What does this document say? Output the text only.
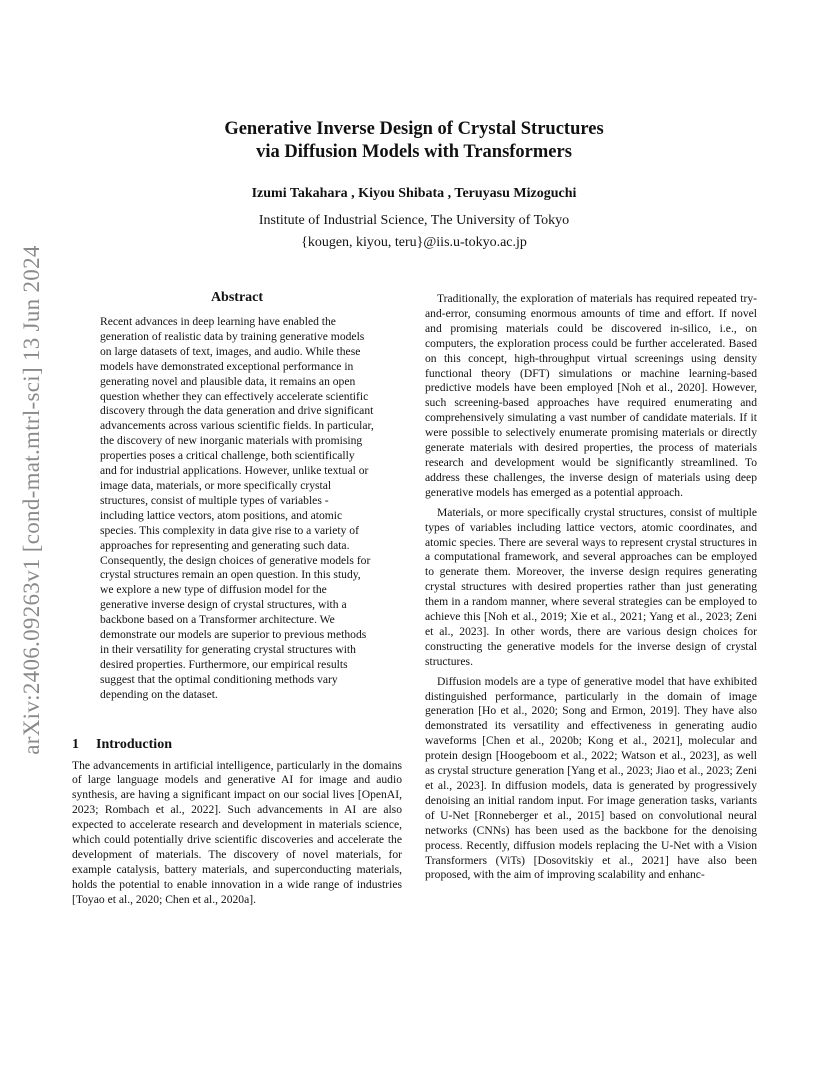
arXiv:2406.09263v1 [cond-mat.mtrl-sci] 13 Jun 2024
Generative Inverse Design of Crystal Structures
via Diffusion Models with Transformers
Izumi Takahara , Kiyou Shibata , Teruyasu Mizoguchi
Institute of Industrial Science, The University of Tokyo
{kougen, kiyou, teru}@iis.u-tokyo.ac.jp
Abstract

Recent advances in deep learning have enabled the generation of realistic data by training generative models on large datasets of text, images, and audio. While these models have demonstrated exceptional performance in generating novel and plausible data, it remains an open question whether they can effectively accelerate scientific discovery through the data generation and drive significant advancements across various scientific fields. In particular, the discovery of new inorganic materials with promising properties poses a critical challenge, both scientifically and for industrial applications. However, unlike textual or image data, materials, or more specifically crystal structures, consist of multiple types of variables - including lattice vectors, atom positions, and atomic species. This complexity in data give rise to a variety of approaches for representing and generating such data. Consequently, the design choices of generative models for crystal structures remain an open question. In this study, we explore a new type of diffusion model for the generative inverse design of crystal structures, with a backbone based on a Transformer architecture. We demonstrate our models are superior to previous methods in their versatility for generating crystal structures with desired properties. Furthermore, our empirical results suggest that the optimal conditioning methods vary depending on the dataset.

1 Introduction

The advancements in artificial intelligence, particularly in the domains of large language models and generative AI for image and audio synthesis, are having a significant impact on our social lives [OpenAI, 2023; Rombach et al., 2022]. Such advancements in AI are also expected to accelerate research and development in materials science, which could potentially drive scientific discoveries and accelerate the development of materials. The discovery of novel materials, for example catalysis, battery materials, and superconducting materials, holds the potential to enable innovation in a wide range of industries [Toyao et al., 2020; Chen et al., 2020a].

Traditionally, the exploration of materials has required repeated try-and-error, consuming enormous amounts of time and effort. If novel and promising materials could be discovered in-silico, i.e., on computers, the exploration process could be further accelerated. Based on this concept, high-throughput virtual screenings using density functional theory (DFT) simulations or machine learning-based predictive models have been employed [Noh et al., 2020]. However, such screening-based approaches have required enumerating and comprehensively simulating a vast number of candidate materials. If it were possible to selectively enumerate promising materials or directly generate materials with desired properties, the process of materials research and development would be significantly streamlined. To address these challenges, the inverse design of materials using deep generative models has emerged as a potential approach.

Materials, or more specifically crystal structures, consist of multiple types of variables including lattice vectors, atomic coordinates, and atomic species. There are several ways to represent crystal structures in a computational framework, and several approaches can be employed to generate them. Moreover, the inverse design requires generating crystal structures with desired properties rather than just generating them in a random manner, where several strategies can be employed to achieve this [Noh et al., 2019; Xie et al., 2021; Yang et al., 2023; Zeni et al., 2023]. In other words, there are various design choices for constructing the generative models for the inverse design of crystal structures.

Diffusion models are a type of generative model that have exhibited distinguished performance, particularly in the domain of image generation [Ho et al., 2020; Song and Ermon, 2019]. They have also demonstrated its versatility and effectiveness in generating audio waveforms [Chen et al., 2020b; Kong et al., 2021], molecular and protein design [Hoogeboom et al., 2022; Watson et al., 2023], as well as crystal structure generation [Yang et al., 2023; Jiao et al., 2023; Zeni et al., 2023]. In diffusion models, data is generated by progressively denoising an initial random input. For image generation tasks, variants of U-Net [Ronneberger et al., 2015] based on convolutional neural networks (CNNs) has been used as the backbone for the denoising process. Recently, diffusion models replacing the U-Net with a Vision Transformers (ViTs) [Dosovitskiy et al., 2021] have also been proposed, with the aim of improving scalability and enhanc-
